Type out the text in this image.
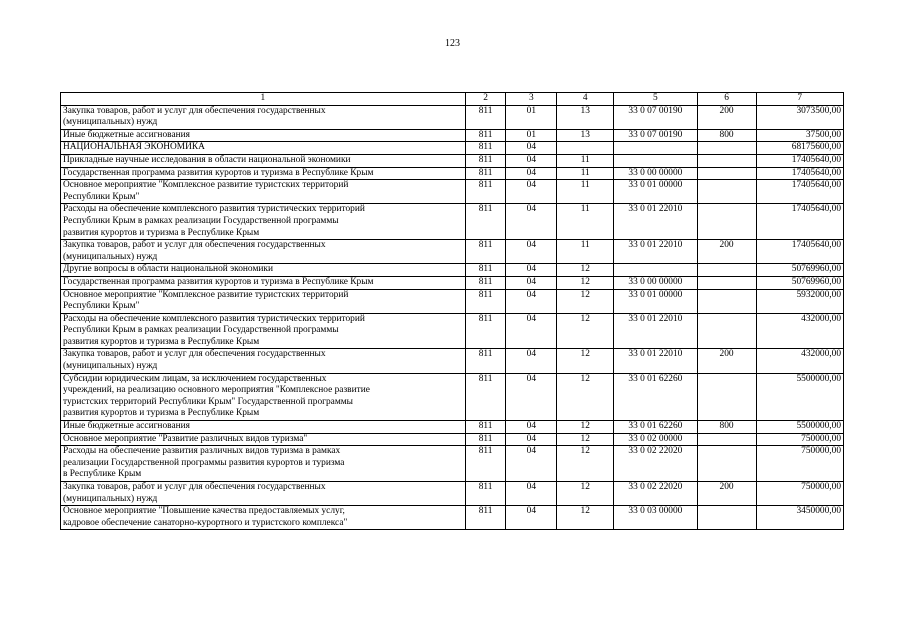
123
1	2	3	4	5	6	7
Закупка товаров, работ и услуг для обеспечения государственных
(муниципальных) нужд	811	01	13	33 0 07 00190	200	3073500,00
Иные бюджетные ассигнования	811	01	13	33 0 07 00190	800	37500,00
НАЦИОНАЛЬНАЯ ЭКОНОМИКА	811	04				68175600,00
Прикладные научные исследования в области национальной экономики	811	04	11			17405640,00
Государственная программа развития курортов и туризма в Республике Крым	811	04	11	33 0 00 00000		17405640,00
Основное мероприятие "Комплексное развитие туристских территорий
Республики Крым"	811	04	11	33 0 01 00000		17405640,00
Расходы на обеспечение комплексного развития туристических территорий
Республики Крым в рамках реализации Государственной программы
развития курортов и туризма в Республике Крым	811	04	11	33 0 01 22010		17405640,00
Закупка товаров, работ и услуг для обеспечения государственных
(муниципальных) нужд	811	04	11	33 0 01 22010	200	17405640,00
Другие вопросы в области национальной экономики	811	04	12			50769960,00
Государственная программа развития курортов и туризма в Республике Крым	811	04	12	33 0 00 00000		50769960,00
Основное мероприятие "Комплексное развитие туристских территорий
Республики Крым"	811	04	12	33 0 01 00000		5932000,00
Расходы на обеспечение комплексного развития туристических территорий
Республики Крым в рамках реализации Государственной программы
развития курортов и туризма в Республике Крым	811	04	12	33 0 01 22010		432000,00
Закупка товаров, работ и услуг для обеспечения государственных
(муниципальных) нужд	811	04	12	33 0 01 22010	200	432000,00
Субсидии юридическим лицам, за исключением государственных
учреждений, на реализацию основного мероприятия "Комплексное развитие
туристских территорий Республики Крым" Государственной программы
развития курортов и туризма в Республике Крым	811	04	12	33 0 01 62260		5500000,00
Иные бюджетные ассигнования	811	04	12	33 0 01 62260	800	5500000,00
Основное мероприятие "Развитие различных видов туризма"	811	04	12	33 0 02 00000		750000,00
Расходы на обеспечение развития различных видов туризма в рамках
реализации Государственной программы развития курортов и туризма
в Республике Крым	811	04	12	33 0 02 22020		750000,00
Закупка товаров, работ и услуг для обеспечения государственных
(муниципальных) нужд	811	04	12	33 0 02 22020	200	750000,00
Основное мероприятие "Повышение качества предоставляемых услуг,
кадровое обеспечение санаторно-курортного и туристского комплекса"	811	04	12	33 0 03 00000		3450000,00
